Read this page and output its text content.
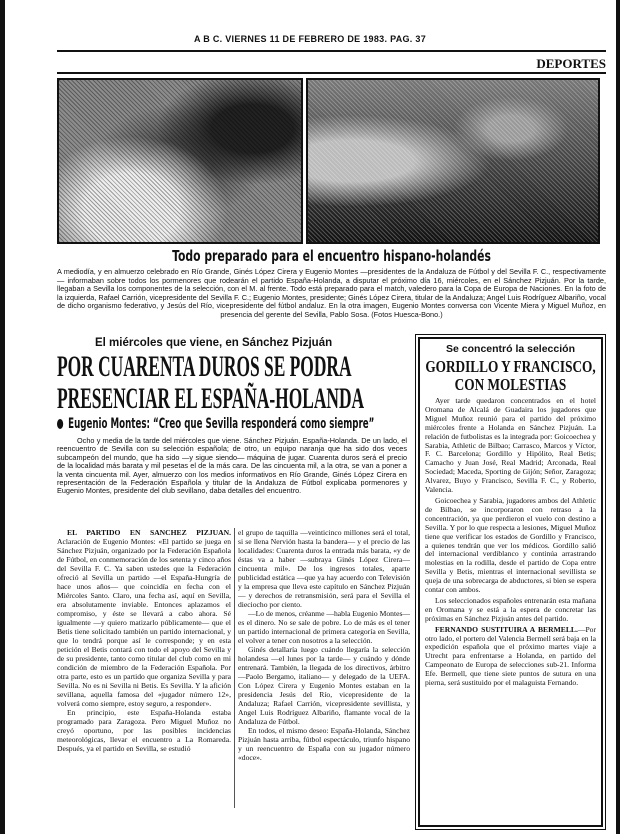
A B C. VIERNES 11 DE FEBRERO DE 1983. PAG. 37
DEPORTES
Todo preparado para el encuentro hispano-holandés
A mediodía, y en almuerzo celebrado en Río Grande, Ginés López Cirera y Eugenio Montes —presidentes de la Andaluza de Fútbol y del Sevilla F. C., respectivamente— informaban sobre todos los pormenores que rodearán el partido España-Holanda, a disputar el próximo día 16, miércoles, en el Sánchez Pizjuán. Por la tarde, llegaban a Sevilla los componentes de la selección, con el M. al frente. Todo está preparado para el match, valedero para la Copa de Europa de Naciones. En la foto de la izquierda, Rafael Carrión, vicepresidente del Sevilla F. C.; Eugenio Montes, presidente; Ginés López Cirera, titular de la Andaluza; Angel Luis Rodríguez Albariño, vocal de dicho organismo federativo, y Jesús del Río, vicepresidente del fútbol andaluz. En la otra imagen, Eugenio Montes conversa con Vicente Miera y Miguel Muñoz, en presencia del gerente del Sevilla, Pablo Sosa. (Fotos Huesca-Bono.)
El miércoles que viene, en Sánchez Pizjuán
POR CUARENTA DUROS SE PODRA
PRESENCIAR EL ESPAÑA-HOLANDA
Eugenio Montes: “Creo que Sevilla responderá como siempre”
Ocho y media de la tarde del miércoles que viene. Sánchez Pizjuán. España-Holanda. De un lado, el reencuentro de Sevilla con su selección española; de otro, un equipo naranja que ha sido dos veces subcampeón del mundo, que ha sido —y sigue siendo— máquina de jugar. Cuarenta duros será el precio de la localidad más barata y mil pesetas el de la más cara. De las cincuenta mil, a la otra, se van a poner a la venta cincuenta mil. Ayer, almuerzo con los medios informativos en Río Grande, Ginés López Cirera en representación de la Federación Española y titular de la Andaluza de Fútbol explicaba pormenores y Eugenio Montes, presidente del club sevillano, daba detalles del encuentro.

EL PARTIDO EN SANCHEZ PIZJUAN. Aclaración de Eugenio Montes: «El partido se juega en Sánchez Pizjuán, organizado por la Federación Española de Fútbol, en conmemoración de los setenta y cinco años del Sevilla F. C. Ya saben ustedes que la Federación ofreció al Sevilla un partido —el España-Hungría de hace unos años— que coincidía en fecha con el Miércoles Santo. Claro, una fecha así, aquí en Sevilla, era absolutamente inviable. Entonces aplazamos el compromiso, y éste se llevará a cabo ahora. Sé igualmente —y quiero matizarlo públicamente— que el Betis tiene solicitado también un partido internacional, y que lo tendrá porque así le corresponde; y en esta petición el Betis contará con todo el apoyo del Sevilla y de su presidente, tanto como titular del club como en mi condición de miembro de la Federación Española. Por otra parte, esto es un partido que organiza Sevilla y para Sevilla. No es ni Sevilla ni Betis. Es Sevilla. Y la afición sevillana, aquella famosa del «jugador número 12», volverá como siempre, estoy seguro, a responder».

En principio, este España-Holanda estaba programado para Zaragoza. Pero Miguel Muñoz no creyó oportuno, por las posibles incidencias meteorológicas, llevar el encuentro a La Romareda. Después, ya el partido en Sevilla, se estudió

el grupo de taquilla —veinticinco millones será el total, si se llena Nervión hasta la bandera— y el precio de las localidades: Cuarenta duros la entrada más barata, «y de éstas va a haber —subraya Ginés López Cirera— cincuenta mil». De los ingresos totales, aparte publicidad estática —que ya hay acuerdo con Televisión y la empresa que lleva este capítulo en Sánchez Pizjuán— y derechos de retransmisión, será para el Sevilla el dieciocho por ciento.

—Lo de menos, créanme —habla Eugenio Montes— es el dinero. No se sale de pobre. Lo de más es el tener un partido internacional de primera categoría en Sevilla, el volver a tener con nosotros a la selección.

Ginés detallaría luego cuándo llegaría la selección holandesa —el lunes por la tarde— y cuándo y dónde entrenará. También, la llegada de los directivos, árbitro —Paolo Bergamo, italiano— y delegado de la UEFA. Con López Cirera y Eugenio Montes estaban en la presidencia Jesús del Río, vicepresidente de la Andaluza; Rafael Carrión, vicepresidente sevillista, y Angel Luis Rodríguez Albariño, flamante vocal de la Andaluza de Fútbol.

En todos, el mismo deseo: España-Holanda, Sánchez Pizjuán hasta arriba, fútbol espectáculo, triunfo hispano y un reencuentro de España con su jugador número «doce».

Se concentró la selección
GORDILLO Y FRANCISCO, CON MOLESTIAS

Ayer tarde quedaron concentrados en el hotel Oromana de Alcalá de Guadaira los jugadores que Miguel Muñoz reunió para el partido del próximo miércoles frente a Holanda en Sánchez Pizjuán. La relación de futbolistas es la integrada por: Goicoechea y Sarabia, Athletic de Bilbao; Carrasco, Marcos y Víctor, F. C. Barcelona; Gordillo y Hipólito, Real Betis; Camacho y Juan José, Real Madrid; Arconada, Real Sociedad; Maceda, Sporting de Gijón; Señor, Zaragoza; Alvarez, Buyo y Francisco, Sevilla F. C., y Roberto, Valencia.

Goicoechea y Sarabia, jugadores ambos del Athletic de Bilbao, se incorporaron con retraso a la concentración, ya que perdieron el vuelo con destino a Sevilla. Y por lo que respecta a lesiones, Miguel Muñoz tiene que verificar los estados de Gordillo y Francisco, a quienes tendrán que ver los médicos. Gordillo salió del internacional verdiblanco y continúa arrastrando molestias en la rodilla, desde el partido de Copa entre Sevilla y Betis, mientras el internacional sevillista se queja de una sobrecarga de abductores, si bien se espera contar con ambos.

Los seleccionados españoles entrenarán esta mañana en Oromana y se está a la espera de concretar las próximas en Sánchez Pizjuán antes del partido.

FERNANDO SUSTITUIRA A BERMELL.—Por otro lado, el portero del Valencia Bermell será baja en la expedición española que el próximo martes viaje a Utrecht para enfrentarse a Holanda, en partido del Campeonato de Europa de selecciones sub-21. Informa Efe. Bermell, que tiene siete puntos de sutura en una pierna, será sustituido por el malaguista Fernando.
